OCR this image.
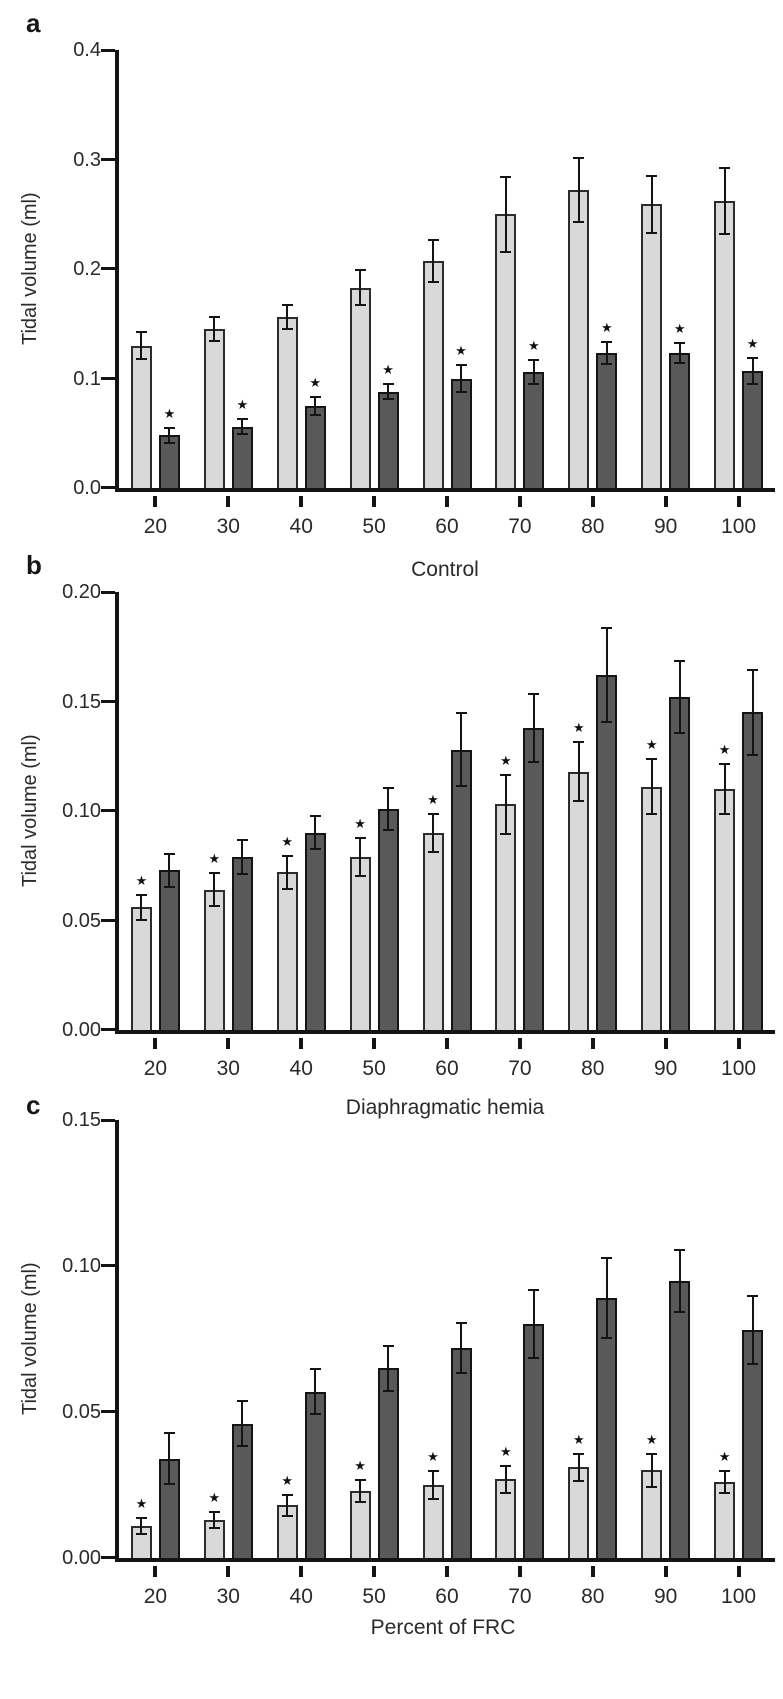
a
Tidal volume (ml)
0.0
0.1
0.2
0.3
0.4
20
★
30
★
40
★
50
★
60
★
70
★
80
★
90
★
100
★
b	Control
Tidal volume (ml)
0.00
0.05
0.10
0.15
0.20
20
★
30
★
40
★
50
★
60
★
70
★
80
★
90
★
100
★
c	Diaphragmatic hemia
Tidal volume (ml)
0.00
0.05
0.10
0.15
20
★
30
★
40
★
50
★
60
★
70
★
80
★
90
★
100
★
Percent of FRC
